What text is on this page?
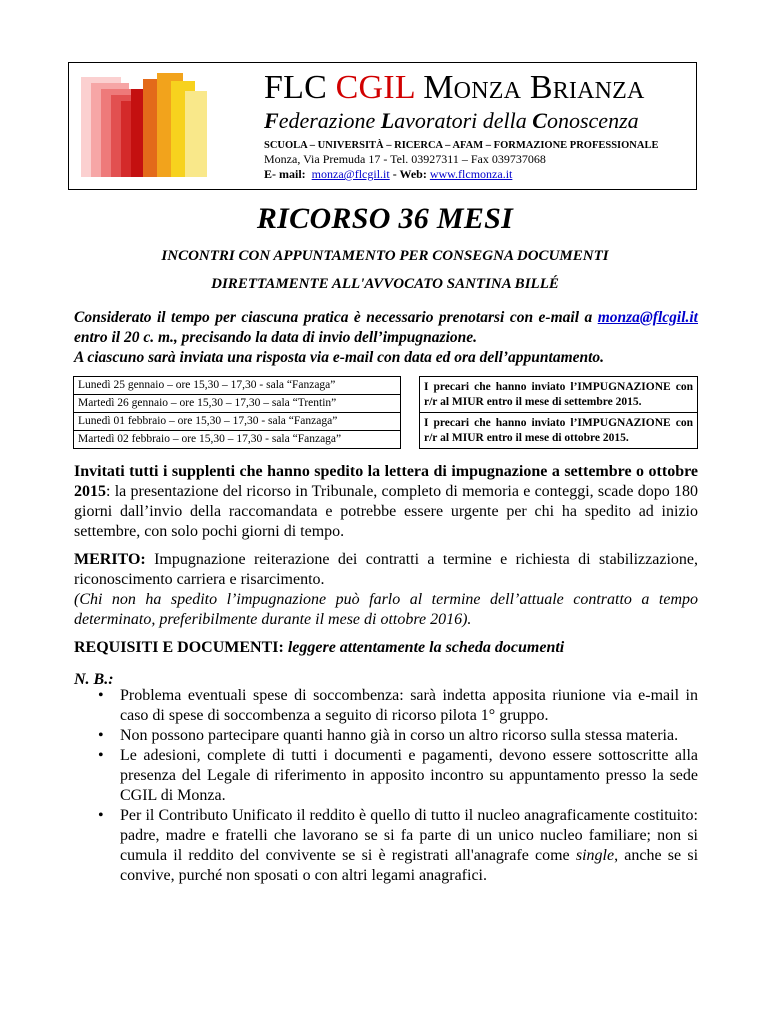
FLC CGIL Monza Brianza
Federazione Lavoratori della Conoscenza
SCUOLA – UNIVERSITÀ – RICERCA – AFAM – FORMAZIONE PROFESSIONALE
Monza, Via Premuda 17 - Tel. 03927311 – Fax 039737068
E- mail: monza@flcgil.it - Web: www.flcmonza.it
RICORSO 36 MESI
INCONTRI CON APPUNTAMENTO PER CONSEGNA DOCUMENTI
DIRETTAMENTE ALL'AVVOCATO SANTINA BILLÉ
Considerato il tempo per ciascuna pratica è necessario prenotarsi con e-mail a monza@flcgil.it entro il 20 c. m., precisando la data di invio dell’impugnazione.
A ciascuno sarà inviata una risposta via e-mail con data ed ora dell’appuntamento.
Lunedì 25 gennaio – ore 15,30 – 17,30 - sala “Fanzaga”		I precari che hanno inviato l’IMPUGNAZIONE con r/r al MIUR entro il mese di settembre 2015.
Martedì 26 gennaio – ore 15,30 – 17,30 – sala “Trentin”		
Lunedì 01 febbraio – ore 15,30 – 17,30 - sala “Fanzaga”		I precari che hanno inviato l’IMPUGNAZIONE con r/r al MIUR entro il mese di ottobre 2015.
Martedì 02 febbraio – ore 15,30 – 17,30 - sala “Fanzaga”		
Invitati tutti i supplenti che hanno spedito la lettera di impugnazione a settembre o ottobre 2015: la presentazione del ricorso in Tribunale, completo di memoria e conteggi, scade dopo 180 giorni dall’invio della raccomandata e potrebbe essere urgente per chi ha spedito ad inizio settembre, con solo pochi giorni di tempo.
MERITO: Impugnazione reiterazione dei contratti a termine e richiesta di stabilizzazione, riconoscimento carriera e risarcimento.
(Chi non ha spedito l’impugnazione può farlo al termine dell’attuale contratto a tempo determinato, preferibilmente durante il mese di ottobre 2016).
REQUISITI E DOCUMENTI: leggere attentamente la scheda documenti
N. B.:
• Problema eventuali spese di soccombenza: sarà indetta apposita riunione via e-mail in caso di spese di soccombenza a seguito di ricorso pilota 1° gruppo.
• Non possono partecipare quanti hanno già in corso un altro ricorso sulla stessa materia.
• Le adesioni, complete di tutti i documenti e pagamenti, devono essere sottoscritte alla presenza del Legale di riferimento in apposito incontro su appuntamento presso la sede CGIL di Monza.
• Per il Contributo Unificato il reddito è quello di tutto il nucleo anagraficamente costituito: padre, madre e fratelli che lavorano se si fa parte di un unico nucleo familiare; non si cumula il reddito del convivente se si è registrati all'anagrafe come single, anche se si convive, purché non sposati o con altri legami anagrafici.
